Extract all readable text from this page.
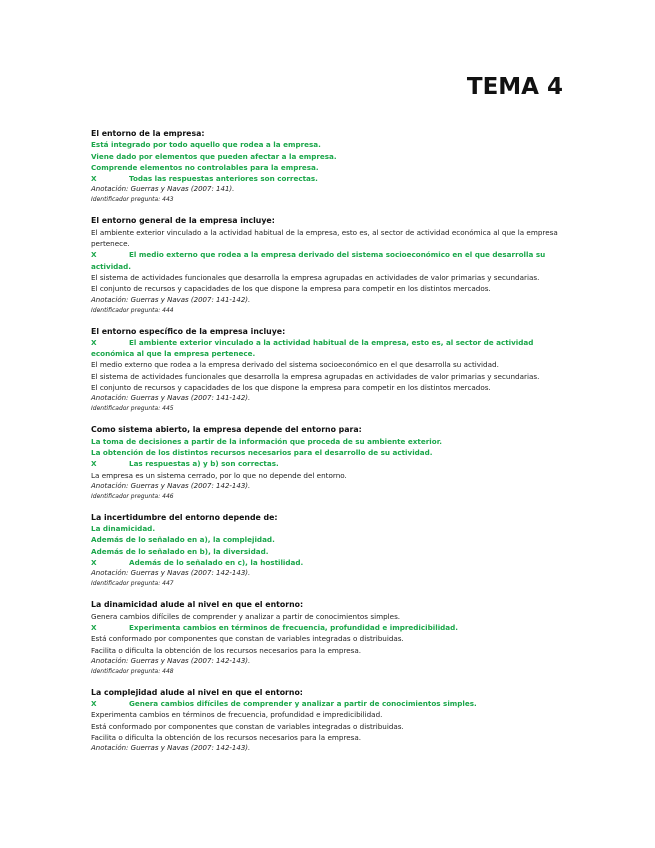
TEMA 4
El entorno de la empresa:
Está integrado por todo aquello que rodea a la empresa.
Viene dado por elementos que pueden afectar a la empresa.
Comprende elementos no controlables para la empresa.
X	Todas las respuestas anteriores son correctas.
Anotación: Guerras y Navas (2007: 141).
Identificador pregunta: 443
El entorno general de la empresa incluye:
El ambiente exterior vinculado a la actividad habitual de la empresa, esto es, al sector de actividad económica al que la empresa pertenece.
X	El medio externo que rodea a la empresa derivado del sistema socioeconómico en el que desarrolla su actividad.
El sistema de actividades funcionales que desarrolla la empresa agrupadas en actividades de valor primarias y secundarias.
El conjunto de recursos y capacidades de los que dispone la empresa para competir en los distintos mercados.
Anotación: Guerras y Navas (2007: 141-142).
Identificador pregunta: 444
El entorno específico de la empresa incluye:
X	El ambiente exterior vinculado a la actividad habitual de la empresa, esto es, al sector de actividad económica al que la empresa pertenece.
El medio externo que rodea a la empresa derivado del sistema socioeconómico en el que desarrolla su actividad.
El sistema de actividades funcionales que desarrolla la empresa agrupadas en actividades de valor primarias y secundarias.
El conjunto de recursos y capacidades de los que dispone la empresa para competir en los distintos mercados.
Anotación: Guerras y Navas (2007: 141-142).
Identificador pregunta: 445
Como sistema abierto, la empresa depende del entorno para:
La toma de decisiones a partir de la información que proceda de su ambiente exterior.
La obtención de los distintos recursos necesarios para el desarrollo de su actividad.
X	Las respuestas a) y b) son correctas.
La empresa es un sistema cerrado, por lo que no depende del entorno.
Anotación: Guerras y Navas (2007: 142-143).
Identificador pregunta: 446
La incertidumbre del entorno depende de:
La dinamicidad.
Además de lo señalado en a), la complejidad.
Además de lo señalado en b), la diversidad.
X	Además de lo señalado en c), la hostilidad.
Anotación: Guerras y Navas (2007: 142-143).
Identificador pregunta: 447
La dinamicidad alude al nivel en que el entorno:
Genera cambios difíciles de comprender y analizar a partir de conocimientos simples.
X	Experimenta cambios en términos de frecuencia, profundidad e impredicibilidad.
Está conformado por componentes que constan de variables integradas o distribuidas.
Facilita o dificulta la obtención de los recursos necesarios para la empresa.
Anotación: Guerras y Navas (2007: 142-143).
Identificador pregunta: 448
La complejidad alude al nivel en que el entorno:
X	Genera cambios difíciles de comprender y analizar a partir de conocimientos simples.
Experimenta cambios en términos de frecuencia, profundidad e impredicibilidad.
Está conformado por componentes que constan de variables integradas o distribuidas.
Facilita o dificulta la obtención de los recursos necesarios para la empresa.
Anotación: Guerras y Navas (2007: 142-143).
